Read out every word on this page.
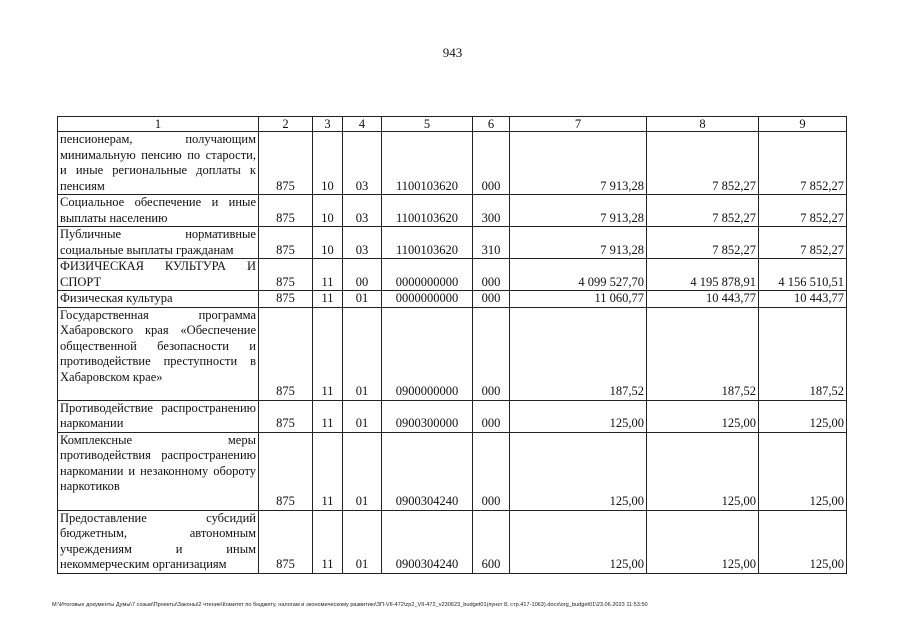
943
1	2	3	4	5	6	7	8	9
пенсионерам, получающим минимальную пенсию по старости, и иные региональные доплаты к пенсиям	875	10	03	1100103620	000	7 913,28	7 852,27	7 852,27
Социальное обеспечение и иные выплаты населению	875	10	03	1100103620	300	7 913,28	7 852,27	7 852,27
Публичные нормативные социальные выплаты гражданам	875	10	03	1100103620	310	7 913,28	7 852,27	7 852,27
ФИЗИЧЕСКАЯ КУЛЬТУРА И СПОРТ	875	11	00	0000000000	000	4 099 527,70	4 195 878,91	4 156 510,51
Физическая культура	875	11	01	0000000000	000	11 060,77	10 443,77	10 443,77
Государственная программа Хабаровского края «Обеспечение общественной безопасности и противодействие преступности в Хабаровском крае»	875	11	01	0900000000	000	187,52	187,52	187,52
Противодействие распространению наркомании	875	11	01	0900300000	000	125,00	125,00	125,00
Комплексные меры противодействия распространению наркомании и незаконному обороту наркотиков	875	11	01	0900304240	000	125,00	125,00	125,00
Предоставление субсидий бюджетным, автономным учреждениям и иным некоммерческим организациям	875	11	01	0900304240	600	125,00	125,00	125,00
М:\Итоговые документы Думы\7 созыв\Проекты\Законы\2 чтение\Комитет по бюджету, налогам и экономическому развитию\ЗП-VII-472\zp2_VII-472_v230623_budget01(пункт 8, стр.417-1063).docx\org_budget01\23.06.2023 11:53:50
